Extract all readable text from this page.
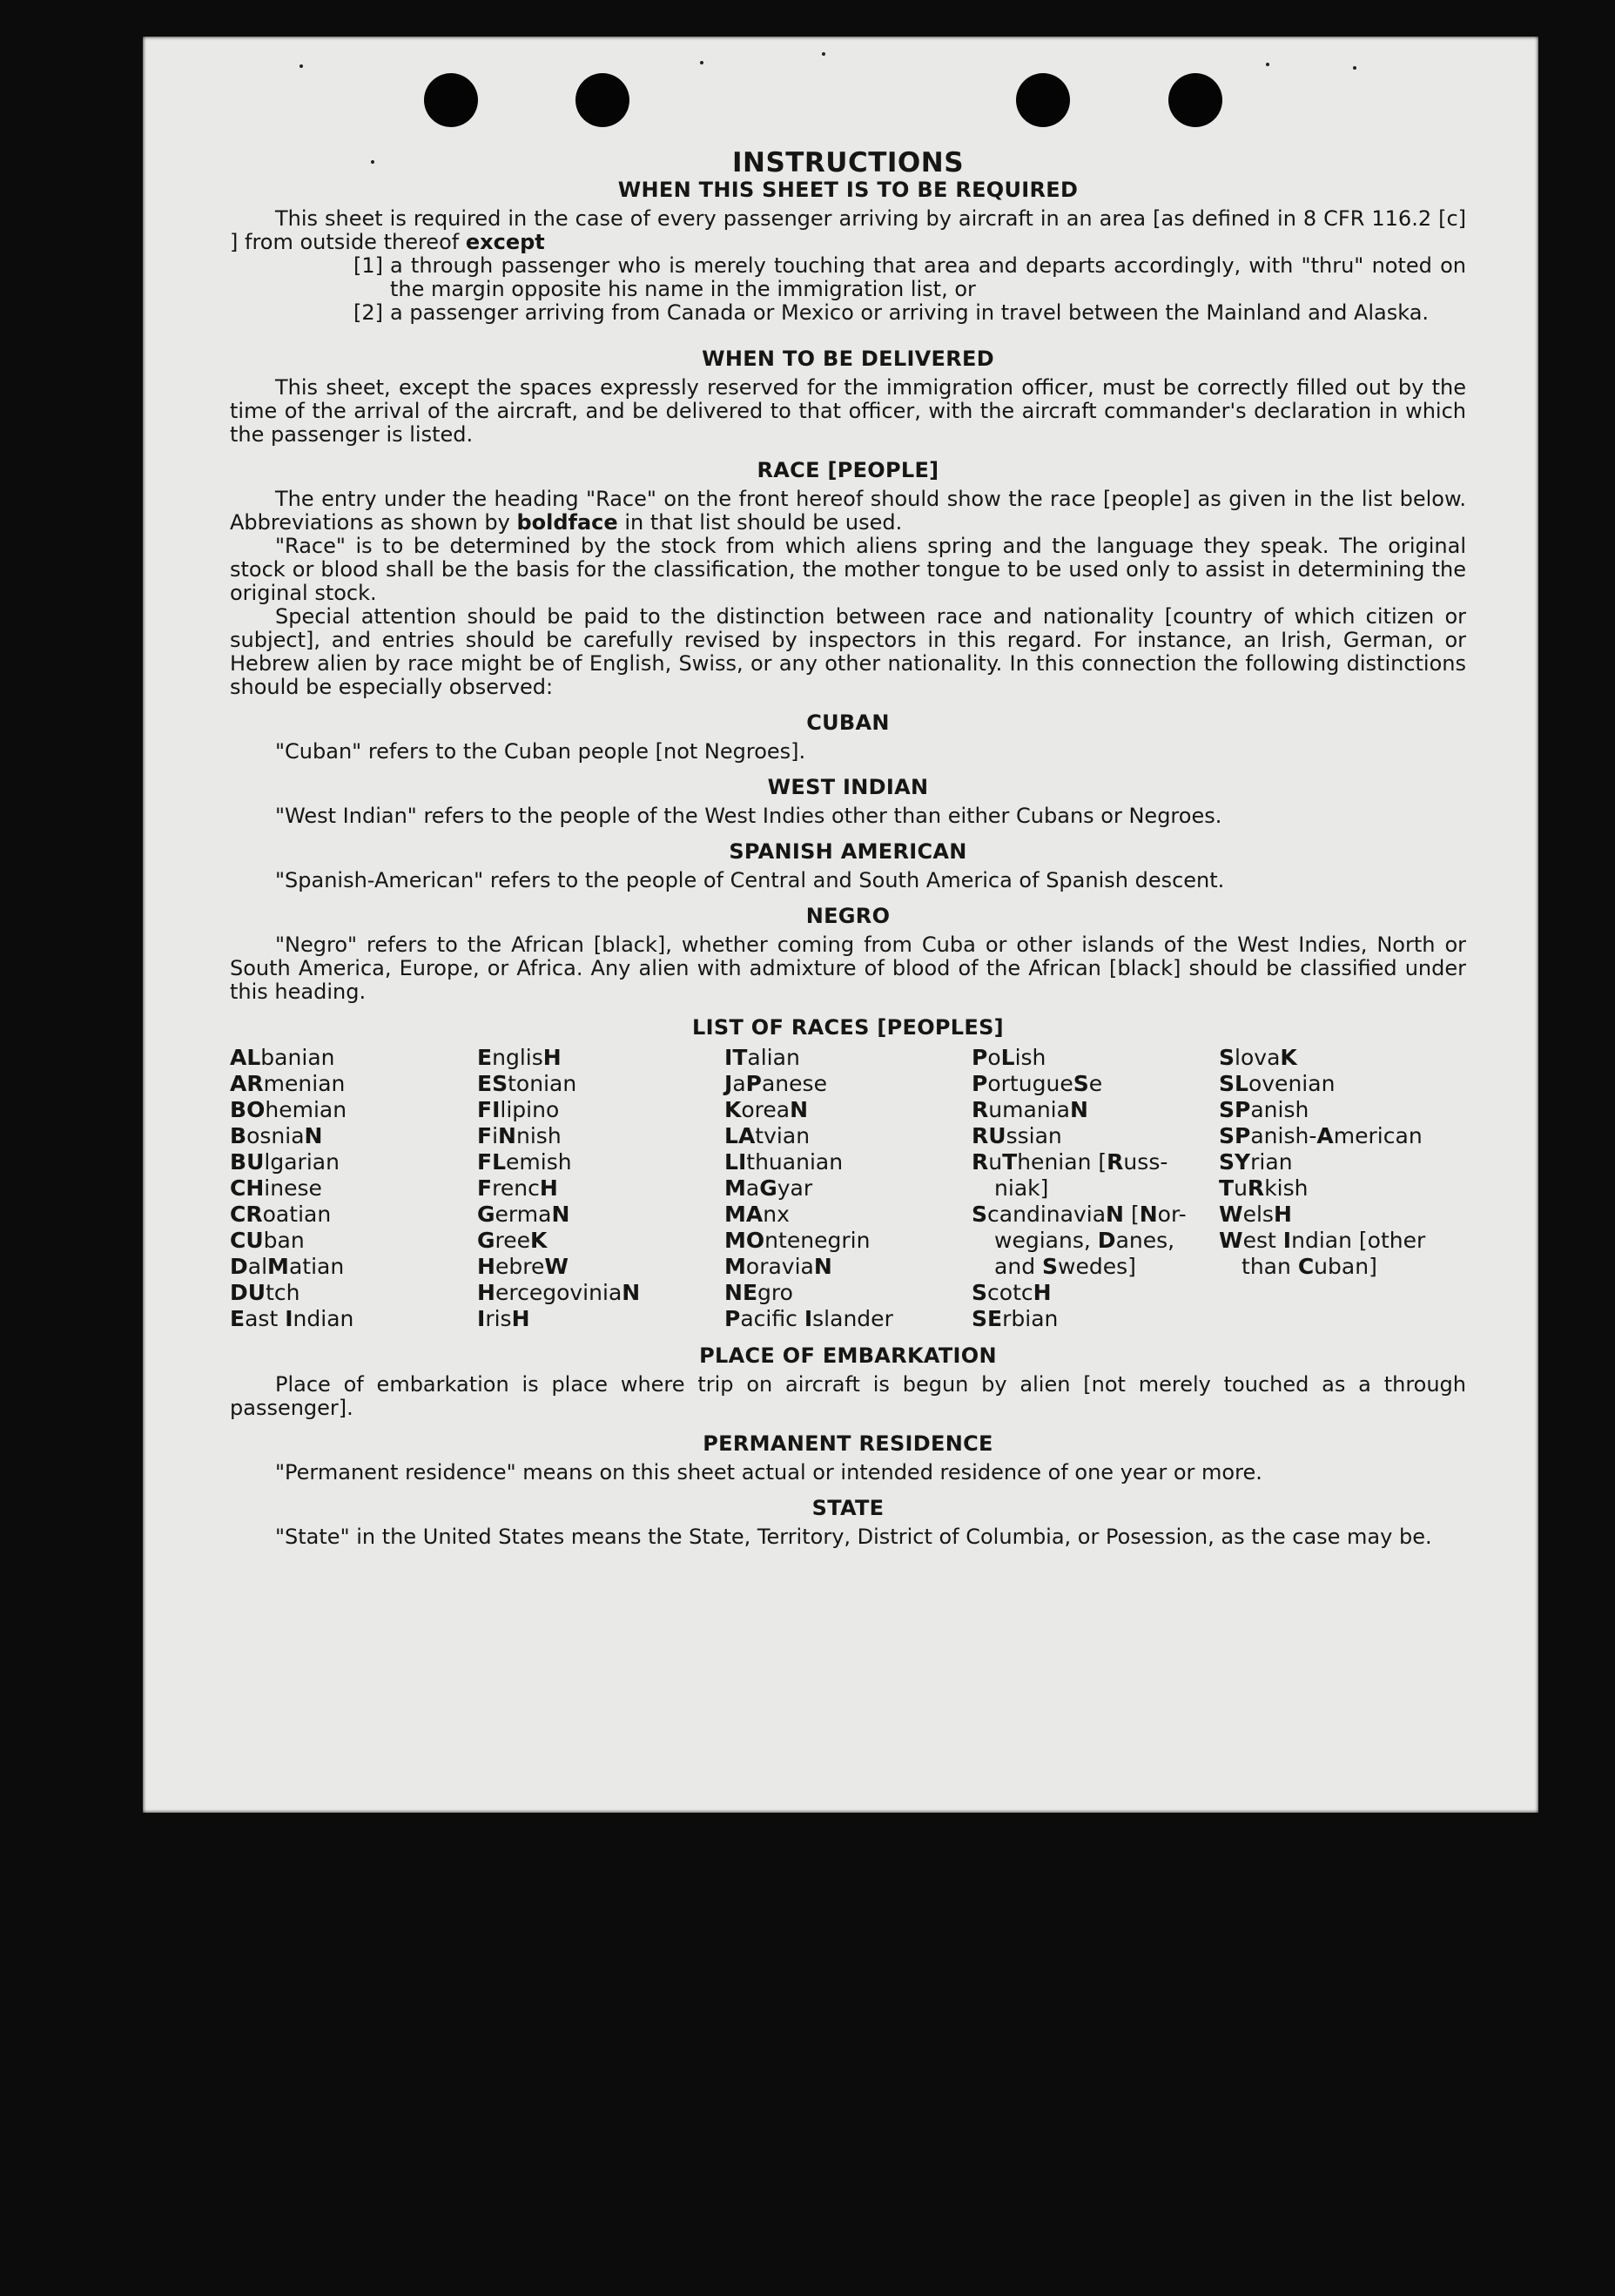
INSTRUCTIONS
WHEN THIS SHEET IS TO BE REQUIRED

This sheet is required in the case of every passenger arriving by aircraft in an area [as defined in 8 CFR 116.2 [c] ] from outside thereof except

[1] a through passenger who is merely touching that area and departs accordingly, with "thru" noted on the margin opposite his name in the immigration list, or

[2] a passenger arriving from Canada or Mexico or arriving in travel between the Mainland and Alaska.

WHEN TO BE DELIVERED

This sheet, except the spaces expressly reserved for the immigration officer, must be correctly filled out by the time of the arrival of the aircraft, and be delivered to that officer, with the aircraft commander's declaration in which the passenger is listed.

RACE [PEOPLE]

The entry under the heading "Race" on the front hereof should show the race [people] as given in the list below. Abbreviations as shown by boldface in that list should be used.

"Race" is to be determined by the stock from which aliens spring and the language they speak. The original stock or blood shall be the basis for the classification, the mother tongue to be used only to assist in determining the original stock.

Special attention should be paid to the distinction between race and nationality [country of which citizen or subject], and entries should be carefully revised by inspectors in this regard. For instance, an Irish, German, or Hebrew alien by race might be of English, Swiss, or any other nationality. In this connection the following distinctions should be especially observed:

CUBAN

"Cuban" refers to the Cuban people [not Negroes].

WEST INDIAN

"West Indian" refers to the people of the West Indies other than either Cubans or Negroes.

SPANISH AMERICAN

"Spanish-American" refers to the people of Central and South America of Spanish descent.

NEGRO

"Negro" refers to the African [black], whether coming from Cuba or other islands of the West Indies, North or South America, Europe, or Africa. Any alien with admixture of blood of the African [black] should be classified under this heading.

LIST OF RACES [PEOPLES]
ALbanian
ARmenian
BOhemian
BosniaN
BUlgarian
CHinese
CRoatian
CUban
DalMatian
DUtch
East Indian
EnglisH
EStonian
FIlipino
FiNnish
FLemish
FrencH
GermaN
GreeK
HebreW
HercegoviniaN
IrisH
ITalian
JaPanese
KoreaN
LAtvian
LIthuanian
MaGyar
MAnx
MOntenegrin
MoraviaN
NEgro
Pacifc Islander
PoLish
PortugueSe
RumaniaN
RUssian
RuThenian [Russ-
niak]
ScandinaviaN [Nor-
wegians, Danes,
and Swedes]
ScotcH
SErbian
SlovaK
SLovenian
SPanish
SPanish-American
SYrian
TuRkish
WelsH
West Indian [other
than Cuban]
PLACE OF EMBARKATION

Place of embarkation is place where trip on aircraft is begun by alien [not merely touched as a through passenger].

PERMANENT RESIDENCE

"Permanent residence" means on this sheet actual or intended residence of one year or more.

STATE

"State" in the United States means the State, Territory, District of Columbia, or Posession, as the case may be.
